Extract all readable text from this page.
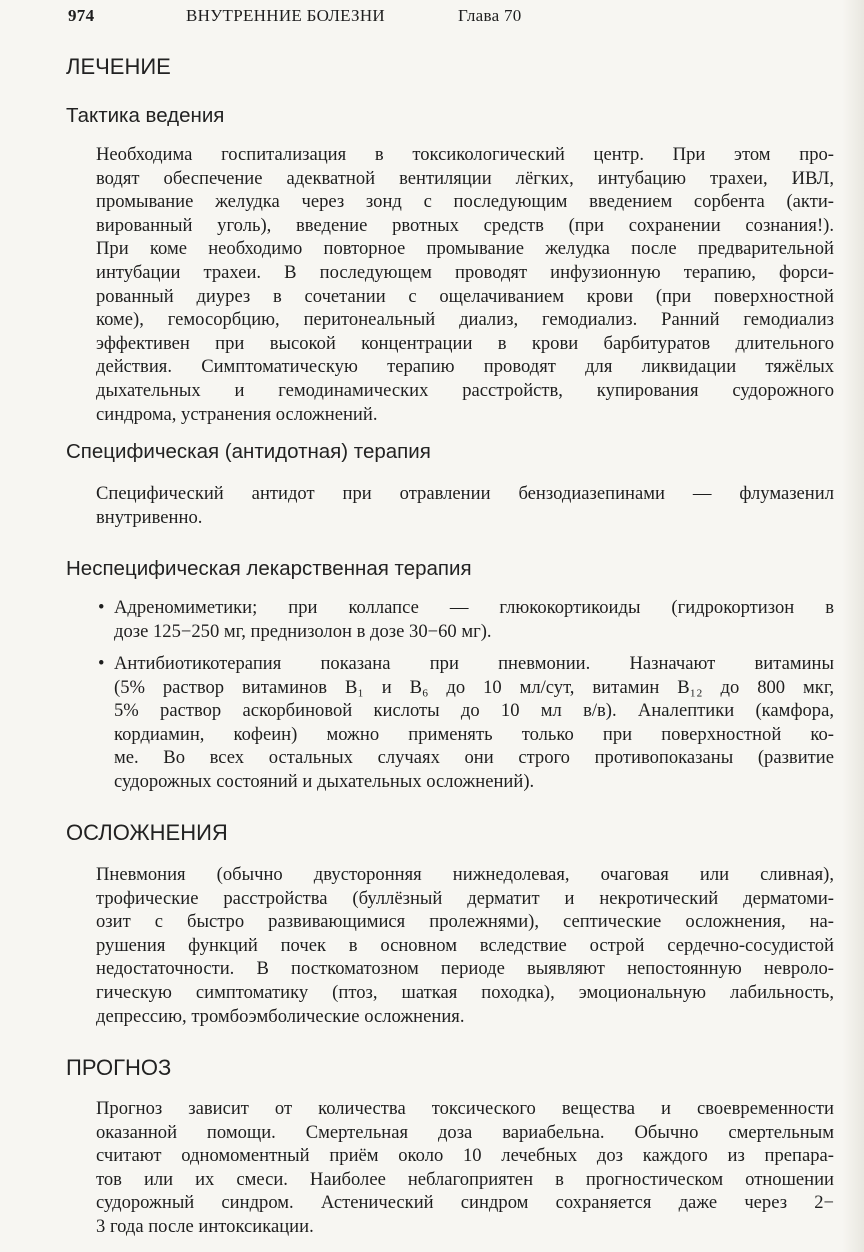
974	ВНУТРЕННИЕ БОЛЕЗНИ	Глава 70
ЛЕЧЕНИЕ
Тактика ведения
Необходима госпитализация в токсикологический центр. При этом про-
водят обеспечение адекватной вентиляции лёгких, интубацию трахеи, ИВЛ,
промывание желудка через зонд с последующим введением сорбента (акти-
вированный уголь), введение рвотных средств (при сохранении сознания!).
При коме необходимо повторное промывание желудка после предварительной
интубации трахеи. В последующем проводят инфузионную терапию, форси-
рованный диурез в сочетании с ощелачиванием крови (при поверхностной
коме), гемосорбцию, перитонеальный диализ, гемодиализ. Ранний гемодиализ
эффективен при высокой концентрации в крови барбитуратов длительного
действия. Симптоматическую терапию проводят для ликвидации тяжёлых
дыхательных и гемодинамических расстройств, купирования судорожного
синдрома, устранения осложнений.
Специфическая (антидотная) терапия
Специфический антидот при отравлении бензодиазепинами — флумазенил
внутривенно.
Неспецифическая лекарственная терапия
• Адреномиметики; при коллапсе — глюкокортикоиды (гидрокортизон в
дозе 125−250 мг, преднизолон в дозе 30−60 мг).
• Антибиотикотерапия показана при пневмонии. Назначают витамины
(5% раствор витаминов B₁ и B₆ до 10 мл/сут, витамин B₁₂ до 800 мкг,
5% раствор аскорбиновой кислоты до 10 мл в/в). Аналептики (камфора,
кордиамин, кофеин) можно применять только при поверхностной ко-
ме. Во всех остальных случаях они строго противопоказаны (развитие
судорожных состояний и дыхательных осложнений).
ОСЛОЖНЕНИЯ
Пневмония (обычно двусторонняя нижнедолевая, очаговая или сливная),
трофические расстройства (буллёзный дерматит и некротический дерматоми-
озит с быстро развивающимися пролежнями), септические осложнения, на-
рушения функций почек в основном вследствие острой сердечно-сосудистой
недостаточности. В посткоматозном периоде выявляют непостоянную невроло-
гическую симптоматику (птоз, шаткая походка), эмоциональную лабильность,
депрессию, тромбоэмболические осложнения.
ПРОГНОЗ
Прогноз зависит от количества токсического вещества и своевременности
оказанной помощи. Смертельная доза вариабельна. Обычно смертельным
считают одномоментный приём около 10 лечебных доз каждого из препара-
тов или их смеси. Наиболее неблагоприятен в прогностическом отношении
судорожный синдром. Астенический синдром сохраняется даже через 2−
3 года после интоксикации.
